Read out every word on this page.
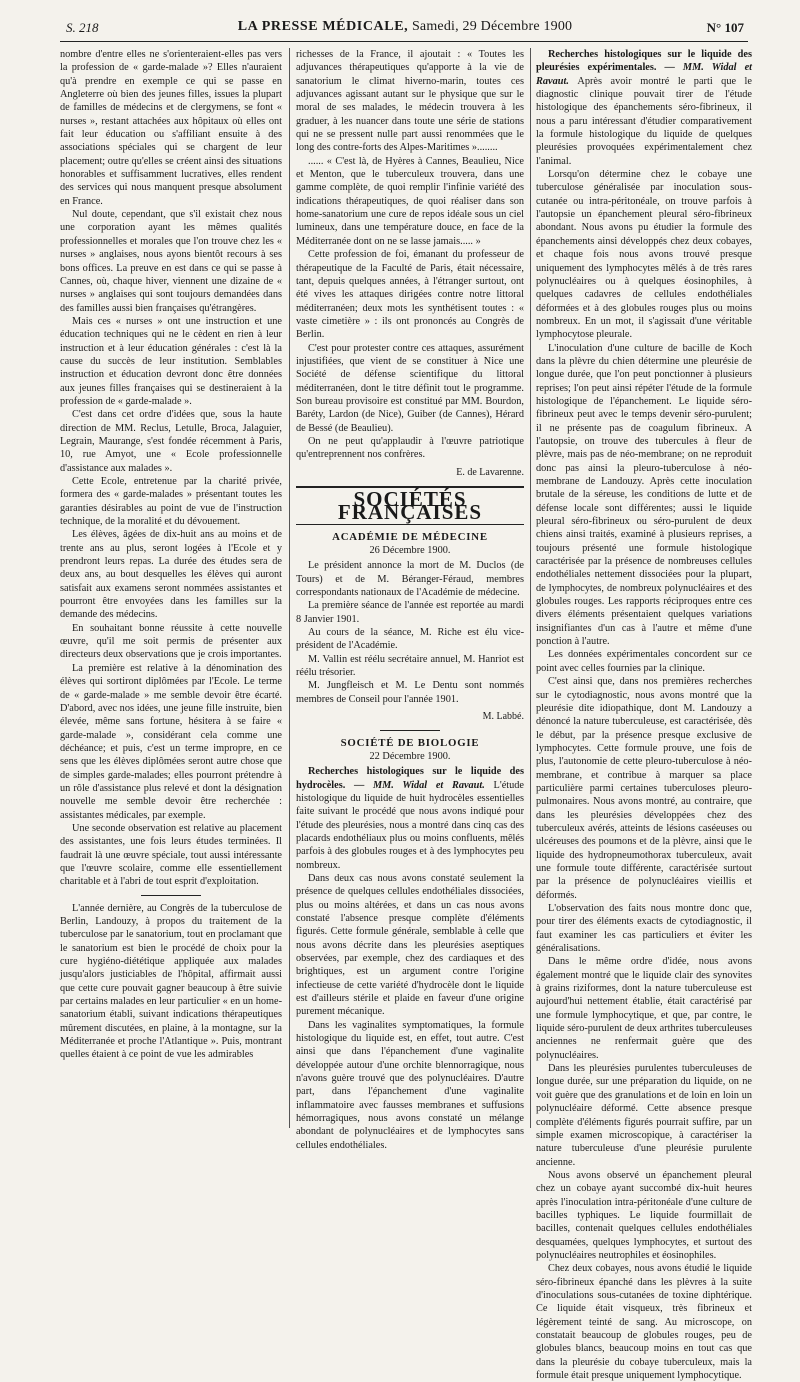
S. 218	LA PRESSE MÉDICALE, Samedi, 29 Décembre 1900	N° 107

nombre d'entre elles ne s'orienteraient-elles pas vers la profession de « garde-malade »? Elles n'auraient qu'à prendre en exemple ce qui se passe en Angleterre où bien des jeunes filles, issues la plupart de familles de médecins et de clergymens, se font « nurses », restant attachées aux hôpitaux où elles ont fait leur éducation ou s'affiliant ensuite à des associations spéciales qui se chargent de leur placement; outre qu'elles se créent ainsi des situations honorables et suffisamment lucratives, elles rendent des services qui nous manquent presque absolument en France.

Nul doute, cependant, que s'il existait chez nous une corporation ayant les mêmes qualités professionnelles et morales que l'on trouve chez les « nurses » anglaises, nous ayons bientôt recours à ses bons offices. La preuve en est dans ce qui se passe à Cannes, où, chaque hiver, viennent une dizaine de « nurses » anglaises qui sont toujours demandées dans des familles aussi bien françaises qu'étrangères.

Mais ces « nurses » ont une instruction et une éducation techniques qui ne le cèdent en rien à leur instruction et à leur éducation générales : c'est là la cause du succès de leur institution. Semblables instruction et éducation devront donc être données aux jeunes filles françaises qui se destineraient à la profession de « garde-malade ».

C'est dans cet ordre d'idées que, sous la haute direction de MM. Reclus, Letulle, Broca, Jalaguier, Legrain, Maurange, s'est fondée récemment à Paris, 10, rue Amyot, une « Ecole professionnelle d'assistance aux malades ».

Cette Ecole, entretenue par la charité privée, formera des « garde-malades » présentant toutes les garanties désirables au point de vue de l'instruction technique, de la moralité et du dévouement.

Les élèves, âgées de dix-huit ans au moins et de trente ans au plus, seront logées à l'Ecole et y prendront leurs repas. La durée des études sera de deux ans, au bout desquelles les élèves qui auront satisfait aux examens seront nommées assistantes et pourront être envoyées dans les familles sur la demande des médecins.

En souhaitant bonne réussite à cette nouvelle œuvre, qu'il me soit permis de présenter aux directeurs deux observations que je crois importantes.

La première est relative à la dénomination des élèves qui sortiront diplômées par l'Ecole. Le terme de « garde-malade » me semble devoir être écarté. D'abord, avec nos idées, une jeune fille instruite, bien élevée, même sans fortune, hésitera à se faire « garde-malade », considérant cela comme une déchéance; et puis, c'est un terme impropre, en ce sens que les élèves diplômées seront autre chose que de simples garde-malades; elles pourront prétendre à un rôle d'assistance plus relevé et dont la désignation nouvelle me semble devoir être recherchée : assistantes médicales, par exemple.

Une seconde observation est relative au placement des assistantes, une fois leurs études terminées. Il faudrait là une œuvre spéciale, tout aussi intéressante que l'œuvre scolaire, comme elle essentiellement charitable et à l'abri de tout esprit d'exploitation.

L'année dernière, au Congrès de la tuberculose de Berlin, Landouzy, à propos du traitement de la tuberculose par le sanatorium, tout en proclamant que le sanatorium est bien le procédé de choix pour la cure hygiéno-diététique appliquée aux malades jusqu'alors justiciables de l'hôpital, affirmait aussi que cette cure pouvait gagner beaucoup à être suivie par certains malades en leur particulier « en un home-sanatorium établi, suivant indications thérapeutiques mûrement discutées, en plaine, à la montagne, sur la Méditerranée et proche l'Atlantique ». Puis, montrant quelles étaient à ce point de vue les admirables

richesses de la France, il ajoutait : « Toutes les adjuvances thérapeutiques qu'apporte à la vie de sanatorium le climat hiverno-marin, toutes ces adjuvances agissant autant sur le physique que sur le moral de ses malades, le médecin trouvera à les graduer, à les nuancer dans toute une série de stations qui ne se pressent nulle part aussi renommées que le long des contre-forts des Alpes-Maritimes »........

...... « C'est là, de Hyères à Cannes, Beaulieu, Nice et Menton, que le tuberculeux trouvera, dans une gamme complète, de quoi remplir l'infinie variété des indications thérapeutiques, de quoi réaliser dans son home-sanatorium une cure de repos idéale sous un ciel lumineux, dans une température douce, en face de la Méditerranée dont on ne se lasse jamais..... »

Cette profession de foi, émanant du professeur de thérapeutique de la Faculté de Paris, était nécessaire, tant, depuis quelques années, à l'étranger surtout, ont été vives les attaques dirigées contre notre littoral méditerranéen; deux mots les synthétisent toutes : « vaste cimetière » : ils ont prononcés au Congrès de Berlin.

C'est pour protester contre ces attaques, assurément injustifiées, que vient de se constituer à Nice une Société de défense scientifique du littoral méditerranéen, dont le titre définit tout le programme. Son bureau provisoire est constitué par MM. Bourdon, Baréty, Lardon (de Nice), Guiber (de Cannes), Hérard de Bessé (de Beaulieu).

On ne peut qu'applaudir à l'œuvre patriotique qu'entreprennent nos confrères.

E. de Lavarenne.
SOCIÉTÉS FRANÇAISES
ACADÉMIE DE MÉDECINE
26 Décembre 1900.

Le président annonce la mort de M. Duclos (de Tours) et de M. Béranger-Féraud, membres correspondants nationaux de l'Académie de médecine.

La première séance de l'année est reportée au mardi 8 Janvier 1901.

Au cours de la séance, M. Riche est élu vice-président de l'Académie.

M. Vallin est réélu secrétaire annuel, M. Hanriot est réélu trésorier.

M. Jungfleisch et M. Le Dentu sont nommés membres de Conseil pour l'année 1901.

M. Labbé.
SOCIÉTÉ DE BIOLOGIE
22 Décembre 1900.

Recherches histologiques sur le liquide des hydrocèles. — MM. Widal et Ravaut. L'étude histologique du liquide de huit hydrocèles essentielles faite suivant le procédé que nous avons indiqué pour l'étude des pleurésies, nous a montré dans cinq cas des placards endothéliaux plus ou moins confluents, mêlés parfois à des globules rouges et à des lymphocytes peu nombreux.

Dans deux cas nous avons constaté seulement la présence de quelques cellules endothéliales dissociées, plus ou moins altérées, et dans un cas nous avons constaté l'absence presque complète d'éléments figurés. Cette formule générale, semblable à celle que nous avons décrite dans les pleurésies aseptiques observées, par exemple, chez des cardiaques et des brightiques, est un argument contre l'origine infectieuse de cette variété d'hydrocèle dont le liquide est d'ailleurs stérile et plaide en faveur d'une origine purement mécanique.

Dans les vaginalites symptomatiques, la formule histologique du liquide est, en effet, tout autre. C'est ainsi que dans l'épanchement d'une vaginalite développée autour d'une orchite blennorragique, nous n'avons guère trouvé que des polynucléaires. D'autre part, dans l'épanchement d'une vaginalite inflammatoire avec fausses membranes et suffusions hémorragiques, nous avons constaté un mélange abondant de polynucléaires et de lymphocytes sans cellules endothéliales.

Recherches histologiques sur le liquide des pleurésies expérimentales. — MM. Widal et Ravaut. Après avoir montré le parti que le diagnostic clinique pouvait tirer de l'étude histologique des épanchements séro-fibrineux, il nous a paru intéressant d'étudier comparativement la formule histologique du liquide de quelques pleurésies provoquées expérimentalement chez l'animal.

Lorsqu'on détermine chez le cobaye une tuberculose généralisée par inoculation sous-cutanée ou intra-péritonéale, on trouve parfois à l'autopsie un épanchement pleural séro-fibrineux abondant. Nous avons pu étudier la formule des épanchements ainsi développés chez deux cobayes, et chaque fois nous avons trouvé presque uniquement des lymphocytes mêlés à de très rares polynucléaires ou à quelques éosinophiles, à quelques cadavres de cellules endothéliales déformées et à des globules rouges plus ou moins nombreux. En un mot, il s'agissait d'une véritable lymphocytose pleurale.

L'inoculation d'une culture de bacille de Koch dans la plèvre du chien détermine une pleurésie de longue durée, que l'on peut ponctionner à plusieurs reprises; l'on peut ainsi répéter l'étude de la formule histologique de l'épanchement. Le liquide séro-fibrineux peut avec le temps devenir séro-purulent; il ne présente pas de coagulum fibrineux. A l'autopsie, on trouve des tubercules à fleur de plèvre, mais pas de néo-membrane; on ne reproduit donc pas ainsi la pleuro-tuberculose à néo-membrane de Landouzy. Après cette inoculation brutale de la séreuse, les conditions de lutte et de défense locale sont différentes; aussi le liquide pleural séro-fibrineux ou séro-purulent de deux chiens ainsi traités, examiné à plusieurs reprises, a toujours présenté une formule histologique caractérisée par la présence de nombreuses cellules endothéliales nettement dissociées pour la plupart, de lymphocytes, de nombreux polynucléaires et des globules rouges. Les rapports réciproques entre ces divers éléments présentaient quelques variations insignifiantes d'un cas à l'autre et même d'une ponction à l'autre.

Les données expérimentales concordent sur ce point avec celles fournies par la clinique.

C'est ainsi que, dans nos premières recherches sur le cytodiagnostic, nous avons montré que la pleurésie dite idiopathique, dont M. Landouzy a dénoncé la nature tuberculeuse, est caractérisée, dès le début, par la présence presque exclusive de lymphocytes. Cette formule prouve, une fois de plus, l'autonomie de cette pleuro-tuberculose à néo-membrane, et contribue à marquer sa place particulière parmi certaines tuberculoses pleuro-pulmonaires. Nous avons montré, au contraire, que dans les pleurésies développées chez des tuberculeux avérés, atteints de lésions caséeuses ou ulcéreuses des poumons et de la plèvre, ainsi que le liquide des hydropneumothorax tuberculeux, avait une formule toute différente, caractérisée surtout par la présence de polynucléaires vieillis et déformés.

L'observation des faits nous montre donc que, pour tirer des éléments exacts de cytodiagnostic, il faut examiner les cas particuliers et éviter les généralisations.

Dans le même ordre d'idée, nous avons également montré que le liquide clair des synovites à grains riziformes, dont la nature tuberculeuse est aujourd'hui nettement établie, était caractérisé par une formule lymphocytique, et que, par contre, le liquide séro-purulent de deux arthrites tuberculeuses anciennes ne renfermait guère que des polynucléaires.

Dans les pleurésies purulentes tuberculeuses de longue durée, sur une préparation du liquide, on ne voit guère que des granulations et de loin en loin un polynucléaire déformé. Cette absence presque complète d'éléments figurés pourrait suffire, par un simple examen microscopique, à caractériser la nature tuberculeuse d'une pleurésie purulente ancienne.

Nous avons observé un épanchement pleural chez un cobaye ayant succombé dix-huit heures après l'inoculation intra-péritonéale d'une culture de bacilles typhiques. Le liquide fourmillait de bacilles, contenait quelques cellules endothéliales desquamées, quelques lymphocytes, et surtout des polynucléaires neutrophiles et éosinophiles.

Chez deux cobayes, nous avons étudié le liquide séro-fibrineux épanché dans les plèvres à la suite d'inoculations sous-cutanées de toxine diphtérique. Ce liquide était visqueux, très fibrineux et légèrement teinté de sang. Au microscope, on constatait beaucoup de globules rouges, peu de globules blancs, beaucoup moins en tout cas que dans la pleurésie du cobaye tuberculeux, mais la formule était presque uniquement lymphocytique.
